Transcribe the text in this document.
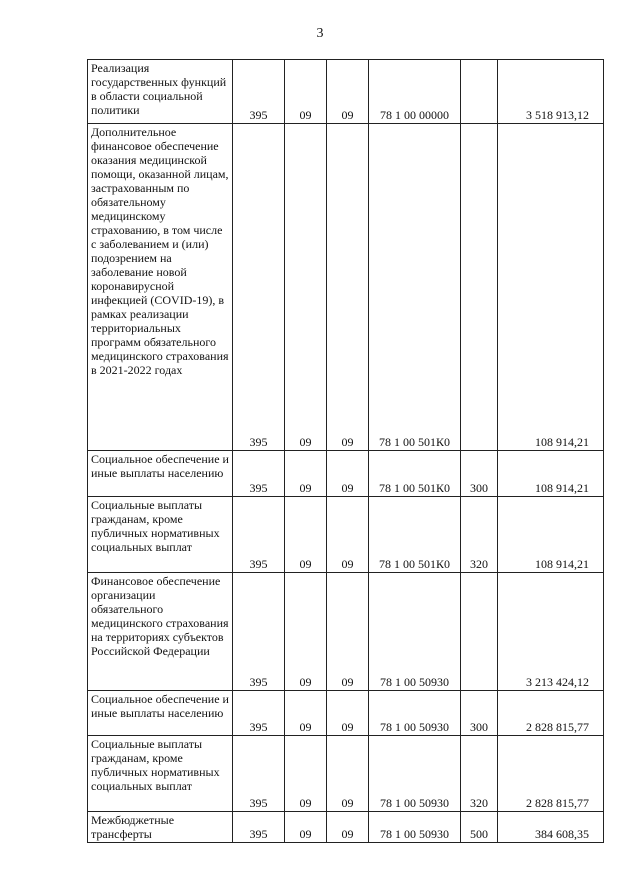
3
Реализация государственных функций в области социальной политики	395	09	09	78 1 00 00000		3 518 913,12

Дополнительное финансовое обеспечение оказания медицинской помощи, оказанной лицам, застрахованным по обязательному медицинскому страхованию, в том числе с заболеванием и (или) подозрением на заболевание новой коронавирусной инфекцией (COVID-19), в рамках реализации территориальных программ обязательного медицинского страхования в 2021-2022 годах	395	09	09	78 1 00 501К0		108 914,21

Социальное обеспечение и иные выплаты населению	395	09	09	78 1 00 501К0	300	108 914,21

Социальные выплаты гражданам, кроме публичных нормативных социальных выплат	395	09	09	78 1 00 501К0	320	108 914,21

Финансовое обеспечение организации обязательного медицинского страхования на территориях субъектов Российской Федерации	395	09	09	78 1 00 50930		3 213 424,12

Социальное обеспечение и иные выплаты населению	395	09	09	78 1 00 50930	300	2 828 815,77

Социальные выплаты гражданам, кроме публичных нормативных социальных выплат	395	09	09	78 1 00 50930	320	2 828 815,77

Межбюджетные трансферты	395	09	09	78 1 00 50930	500	384 608,35
